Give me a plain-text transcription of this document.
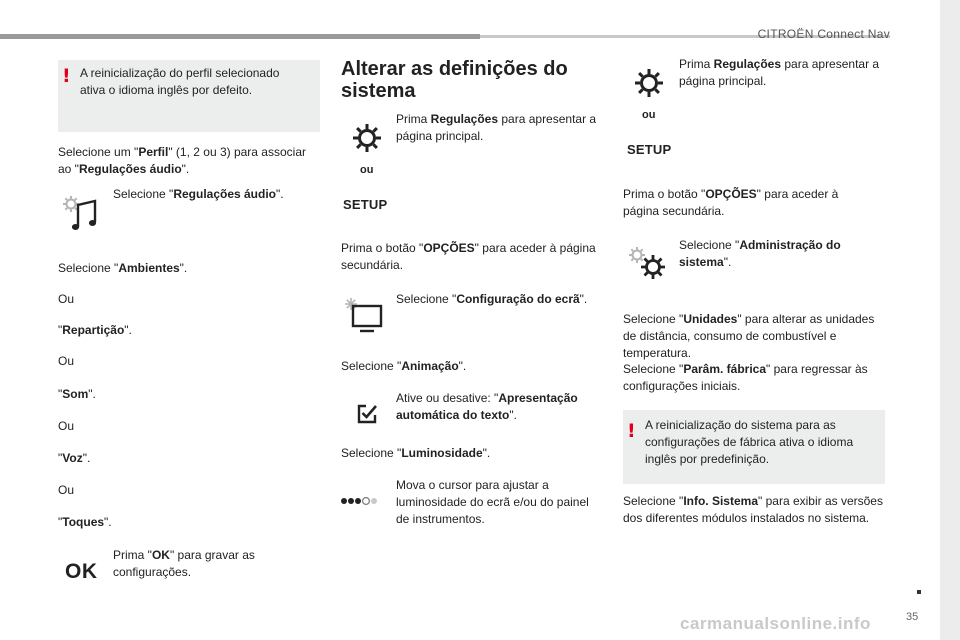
CITROËN Connect Nav
35
carmanualsonline.info
! A reinicialização do perfil selecionado ativa o idioma inglês por defeito.
Selecione um "Perfil" (1, 2 ou 3) para associar ao "Regulações áudio".
Selecione "Regulações áudio".
Selecione "Ambientes".
Ou
"Repartição".
Ou
"Som".
Ou
"Voz".
Ou
"Toques".
OK
Prima "OK" para gravar as configurações.
Alterar as definições do sistema
Prima Regulações para apresentar a página principal.
ou
SETUP
Prima o botão "OPÇÕES" para aceder à página secundária.
Selecione "Configuração do ecrã".
Selecione "Animação".
Ative ou desative: "Apresentação automática do texto".
Selecione "Luminosidade".
Mova o cursor para ajustar a luminosidade do ecrã e/ou do painel de instrumentos.
Prima Regulações para apresentar a página principal.
ou
SETUP
Prima o botão "OPÇÕES" para aceder à página secundária.
Selecione "Administração do sistema".
Selecione "Unidades" para alterar as unidades de distância, consumo de combustível e temperatura.
Selecione "Parâm. fábrica" para regressar às configurações iniciais.
! A reinicialização do sistema para as configurações de fábrica ativa o idioma inglês por predefinição.
Selecione "Info. Sistema" para exibir as versões dos diferentes módulos instalados no sistema.
